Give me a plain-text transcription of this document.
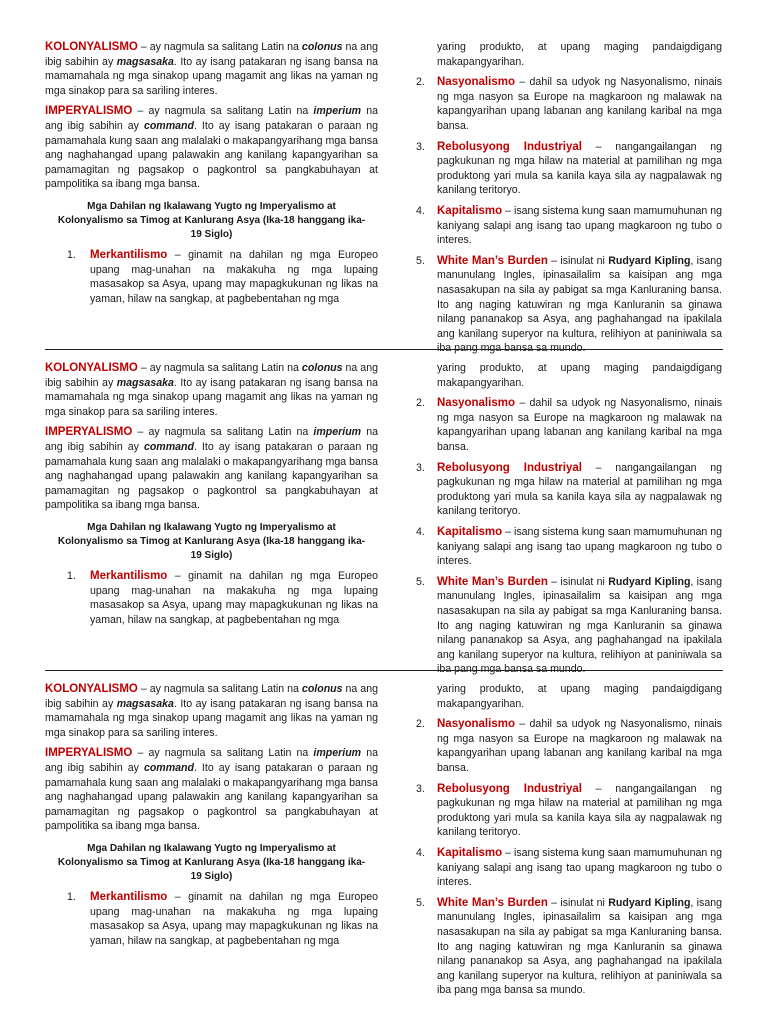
KOLONYALISMO – ay nagmula sa salitang Latin na colonus na ang ibig sabihin ay magsasaka. Ito ay isang patakaran ng isang bansa na mamamahala ng mga sinakop upang magamit ang likas na yaman ng mga sinakop para sa sariling interes.

IMPERYALISMO – ay nagmula sa salitang Latin na imperium na ang ibig sabihin ay command. Ito ay isang patakaran o paraan ng pamamahala kung saan ang malalaki o makapangyarihang mga bansa ang naghahangad upang palawakin ang kanilang kapangyarihan sa pamamagitan ng pagsakop o pagkontrol sa pangkabuhayan at pampolitika sa ibang mga bansa.

Mga Dahilan ng Ikalawang Yugto ng Imperyalismo at Kolonyalismo sa Timog at Kanlurang Asya (Ika-18 hanggang ika-19 Siglo)
1. Merkantilismo – ginamit na dahilan ng mga Europeo upang mag-unahan na makakuha ng mga lupaing masasakop sa Asya, upang may mapagkukunan ng likas na yaman, hilaw na sangkap, at pagbebentahan ng mga
yaring produkto, at upang maging pandaigdigang makapangyarihan.
2. Nasyonalismo – dahil sa udyok ng Nasyonalismo, ninais ng mga nasyon sa Europe na magkaroon ng malawak na kapangyarihan upang labanan ang kanilang karibal na mga bansa.
3. Rebolusyong Industriyal – nangangailangan ng pagkukunan ng mga hilaw na material at pamilihan ng mga produktong yari mula sa kanila kaya sila ay nagpalawak ng kanilang teritoryo.
4. Kapitalismo – isang sistema kung saan mamumuhunan ng kaniyang salapi ang isang tao upang magkaroon ng tubo o interes.
5. White Man’s Burden – isinulat ni Rudyard Kipling, isang manunulang Ingles, ipinasailalim sa kaisipan ang mga nasasakupan na sila ay pabigat sa mga Kanluraning bansa. Ito ang naging katuwiran ng mga Kanluranin sa ginawa nilang pananakop sa Asya, ang paghahangad na ipakilala ang kanilang superyor na kultura, relihiyon at paniniwala sa iba pang mga bansa sa mundo.

KOLONYALISMO – ay nagmula sa salitang Latin na colonus na ang ibig sabihin ay magsasaka. Ito ay isang patakaran ng isang bansa na mamamahala ng mga sinakop upang magamit ang likas na yaman ng mga sinakop para sa sariling interes.

IMPERYALISMO – ay nagmula sa salitang Latin na imperium na ang ibig sabihin ay command. Ito ay isang patakaran o paraan ng pamamahala kung saan ang malalaki o makapangyarihang mga bansa ang naghahangad upang palawakin ang kanilang kapangyarihan sa pamamagitan ng pagsakop o pagkontrol sa pangkabuhayan at pampolitika sa ibang mga bansa.

Mga Dahilan ng Ikalawang Yugto ng Imperyalismo at Kolonyalismo sa Timog at Kanlurang Asya (Ika-18 hanggang ika-19 Siglo)
1. Merkantilismo – ginamit na dahilan ng mga Europeo upang mag-unahan na makakuha ng mga lupaing masasakop sa Asya, upang may mapagkukunan ng likas na yaman, hilaw na sangkap, at pagbebentahan ng mga
yaring produkto, at upang maging pandaigdigang makapangyarihan.
2. Nasyonalismo – dahil sa udyok ng Nasyonalismo, ninais ng mga nasyon sa Europe na magkaroon ng malawak na kapangyarihan upang labanan ang kanilang karibal na mga bansa.
3. Rebolusyong Industriyal – nangangailangan ng pagkukunan ng mga hilaw na material at pamilihan ng mga produktong yari mula sa kanila kaya sila ay nagpalawak ng kanilang teritoryo.
4. Kapitalismo – isang sistema kung saan mamumuhunan ng kaniyang salapi ang isang tao upang magkaroon ng tubo o interes.
5. White Man’s Burden – isinulat ni Rudyard Kipling, isang manunulang Ingles, ipinasailalim sa kaisipan ang mga nasasakupan na sila ay pabigat sa mga Kanluraning bansa. Ito ang naging katuwiran ng mga Kanluranin sa ginawa nilang pananakop sa Asya, ang paghahangad na ipakilala ang kanilang superyor na kultura, relihiyon at paniniwala sa iba pang mga bansa sa mundo.

KOLONYALISMO – ay nagmula sa salitang Latin na colonus na ang ibig sabihin ay magsasaka. Ito ay isang patakaran ng isang bansa na mamamahala ng mga sinakop upang magamit ang likas na yaman ng mga sinakop para sa sariling interes.

IMPERYALISMO – ay nagmula sa salitang Latin na imperium na ang ibig sabihin ay command. Ito ay isang patakaran o paraan ng pamamahala kung saan ang malalaki o makapangyarihang mga bansa ang naghahangad upang palawakin ang kanilang kapangyarihan sa pamamagitan ng pagsakop o pagkontrol sa pangkabuhayan at pampolitika sa ibang mga bansa.

Mga Dahilan ng Ikalawang Yugto ng Imperyalismo at Kolonyalismo sa Timog at Kanlurang Asya (Ika-18 hanggang ika-19 Siglo)
1. Merkantilismo – ginamit na dahilan ng mga Europeo upang mag-unahan na makakuha ng mga lupaing masasakop sa Asya, upang may mapagkukunan ng likas na yaman, hilaw na sangkap, at pagbebentahan ng mga
yaring produkto, at upang maging pandaigdigang makapangyarihan.
2. Nasyonalismo – dahil sa udyok ng Nasyonalismo, ninais ng mga nasyon sa Europe na magkaroon ng malawak na kapangyarihan upang labanan ang kanilang karibal na mga bansa.
3. Rebolusyong Industriyal – nangangailangan ng pagkukunan ng mga hilaw na material at pamilihan ng mga produktong yari mula sa kanila kaya sila ay nagpalawak ng kanilang teritoryo.
4. Kapitalismo – isang sistema kung saan mamumuhunan ng kaniyang salapi ang isang tao upang magkaroon ng tubo o interes.
5. White Man’s Burden – isinulat ni Rudyard Kipling, isang manunulang Ingles, ipinasailalim sa kaisipan ang mga nasasakupan na sila ay pabigat sa mga Kanluraning bansa. Ito ang naging katuwiran ng mga Kanluranin sa ginawa nilang pananakop sa Asya, ang paghahangad na ipakilala ang kanilang superyor na kultura, relihiyon at paniniwala sa iba pang mga bansa sa mundo.
